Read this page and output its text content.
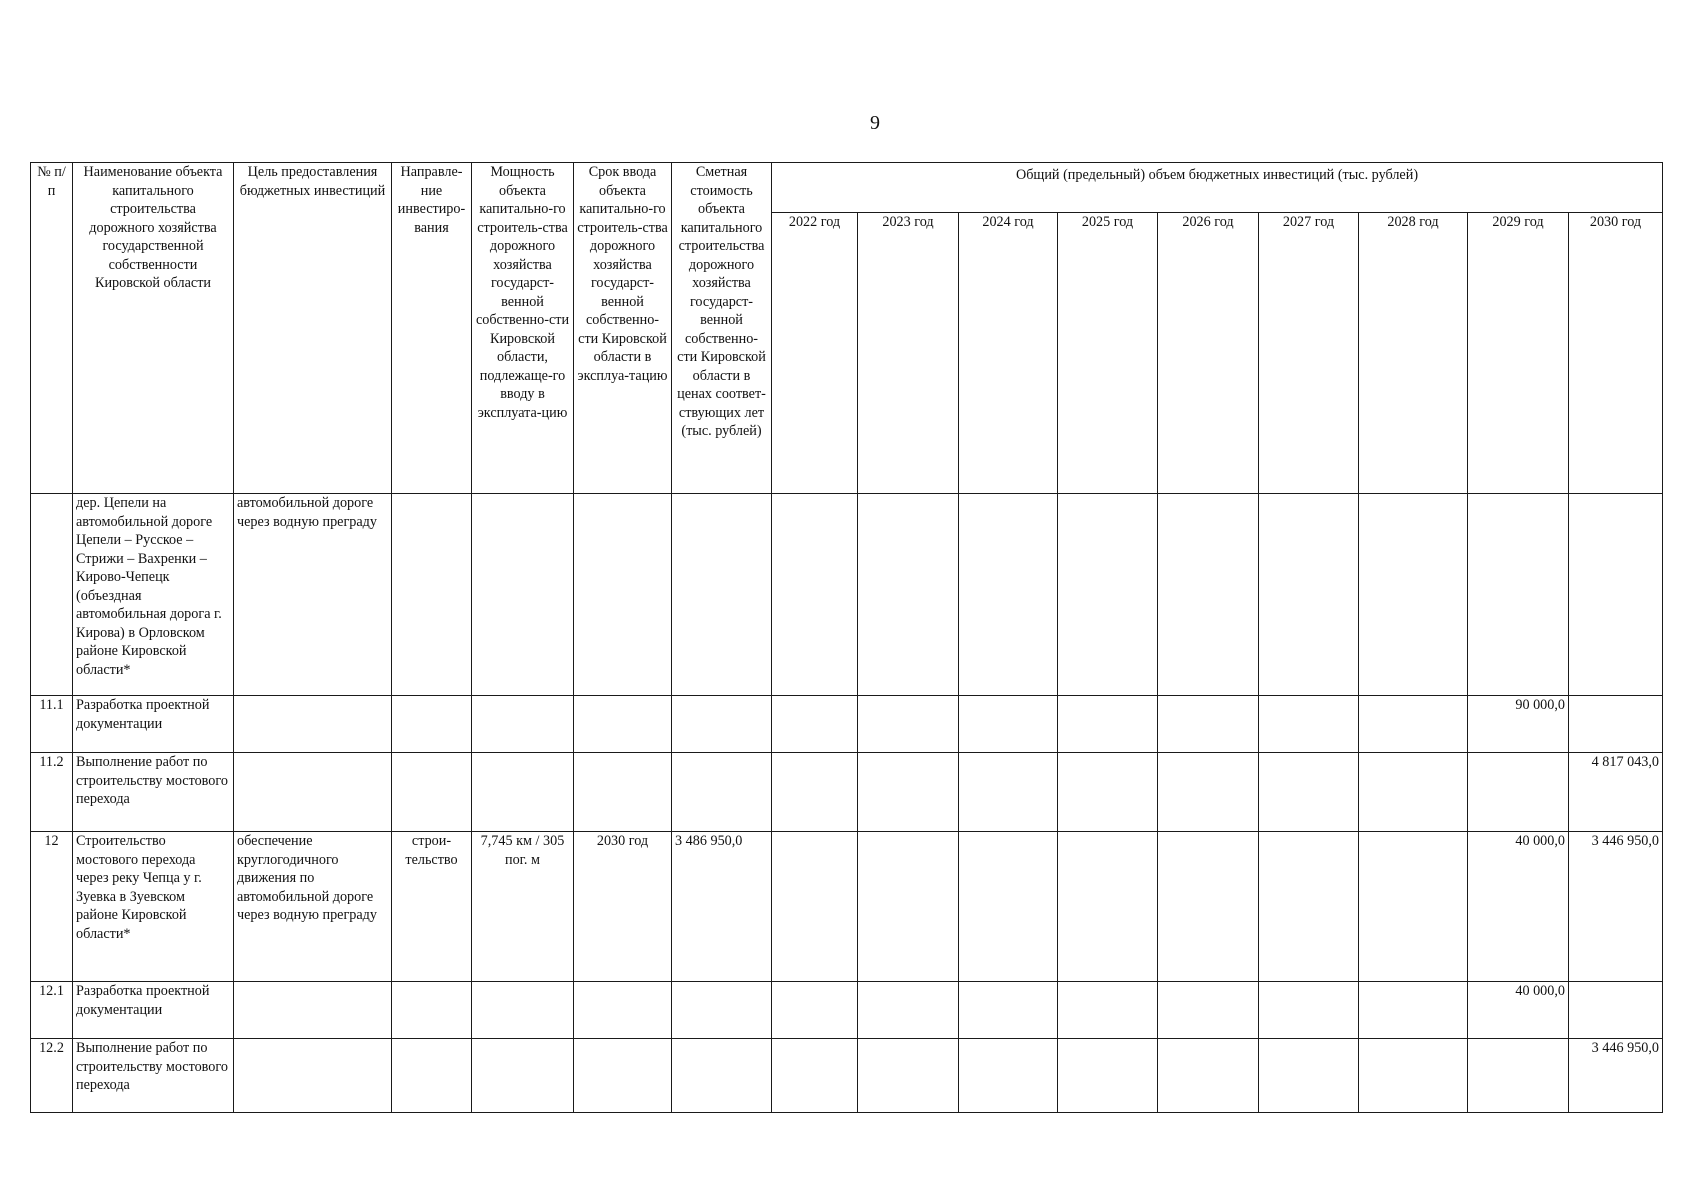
9
№ п/п	Наименование объекта капитального строительства дорожного хозяйства государственной собственности Кировской области	Цель предоставления бюджетных инвестиций	Направле-ние инвестиро-вания	Мощность объекта капитально-го строитель-ства дорожного хозяйства государст-венной собственно-сти Кировской области, подлежаще-го вводу в эксплуата-цию	Срок ввода объекта капитально-го строитель-ства дорожного хозяйства государст-венной собственно-сти Кировской области в эксплуа-тацию	Сметная стоимость объекта капитального строительства дорожного хозяйства государст-венной собственно-сти Кировской области в ценах соответ-ствующих лет (тыс. рублей)	Общий (предельный) объем бюджетных инвестиций (тыс. рублей)								
							2022 год	2023 год	2024 год	2025 год	2026 год	2027 год	2028 год	2029 год	2030 год
	дер. Цепели на автомобильной дороге Цепели – Русское – Стрижи – Вахренки – Кирово-Чепецк (объездная автомобильная дорога г. Кирова) в Орловском районе Кировской области*	автомобильной дороге через водную преграду													
11.1	Разработка проектной документации													90 000,0	
11.2	Выполнение работ по строительству мостового перехода														4 817 043,0
12	Строительство мостового перехода через реку Чепца у г. Зуевка в Зуевском районе Кировской области*	обеспечение круглогодичного движения по автомобильной дороге через водную преграду	строи-тельство	7,745 км / 305 пог. м	2030 год	3 486 950,0								40 000,0	3 446 950,0
12.1	Разработка проектной документации													40 000,0	
12.2	Выполнение работ по строительству мостового перехода														3 446 950,0
